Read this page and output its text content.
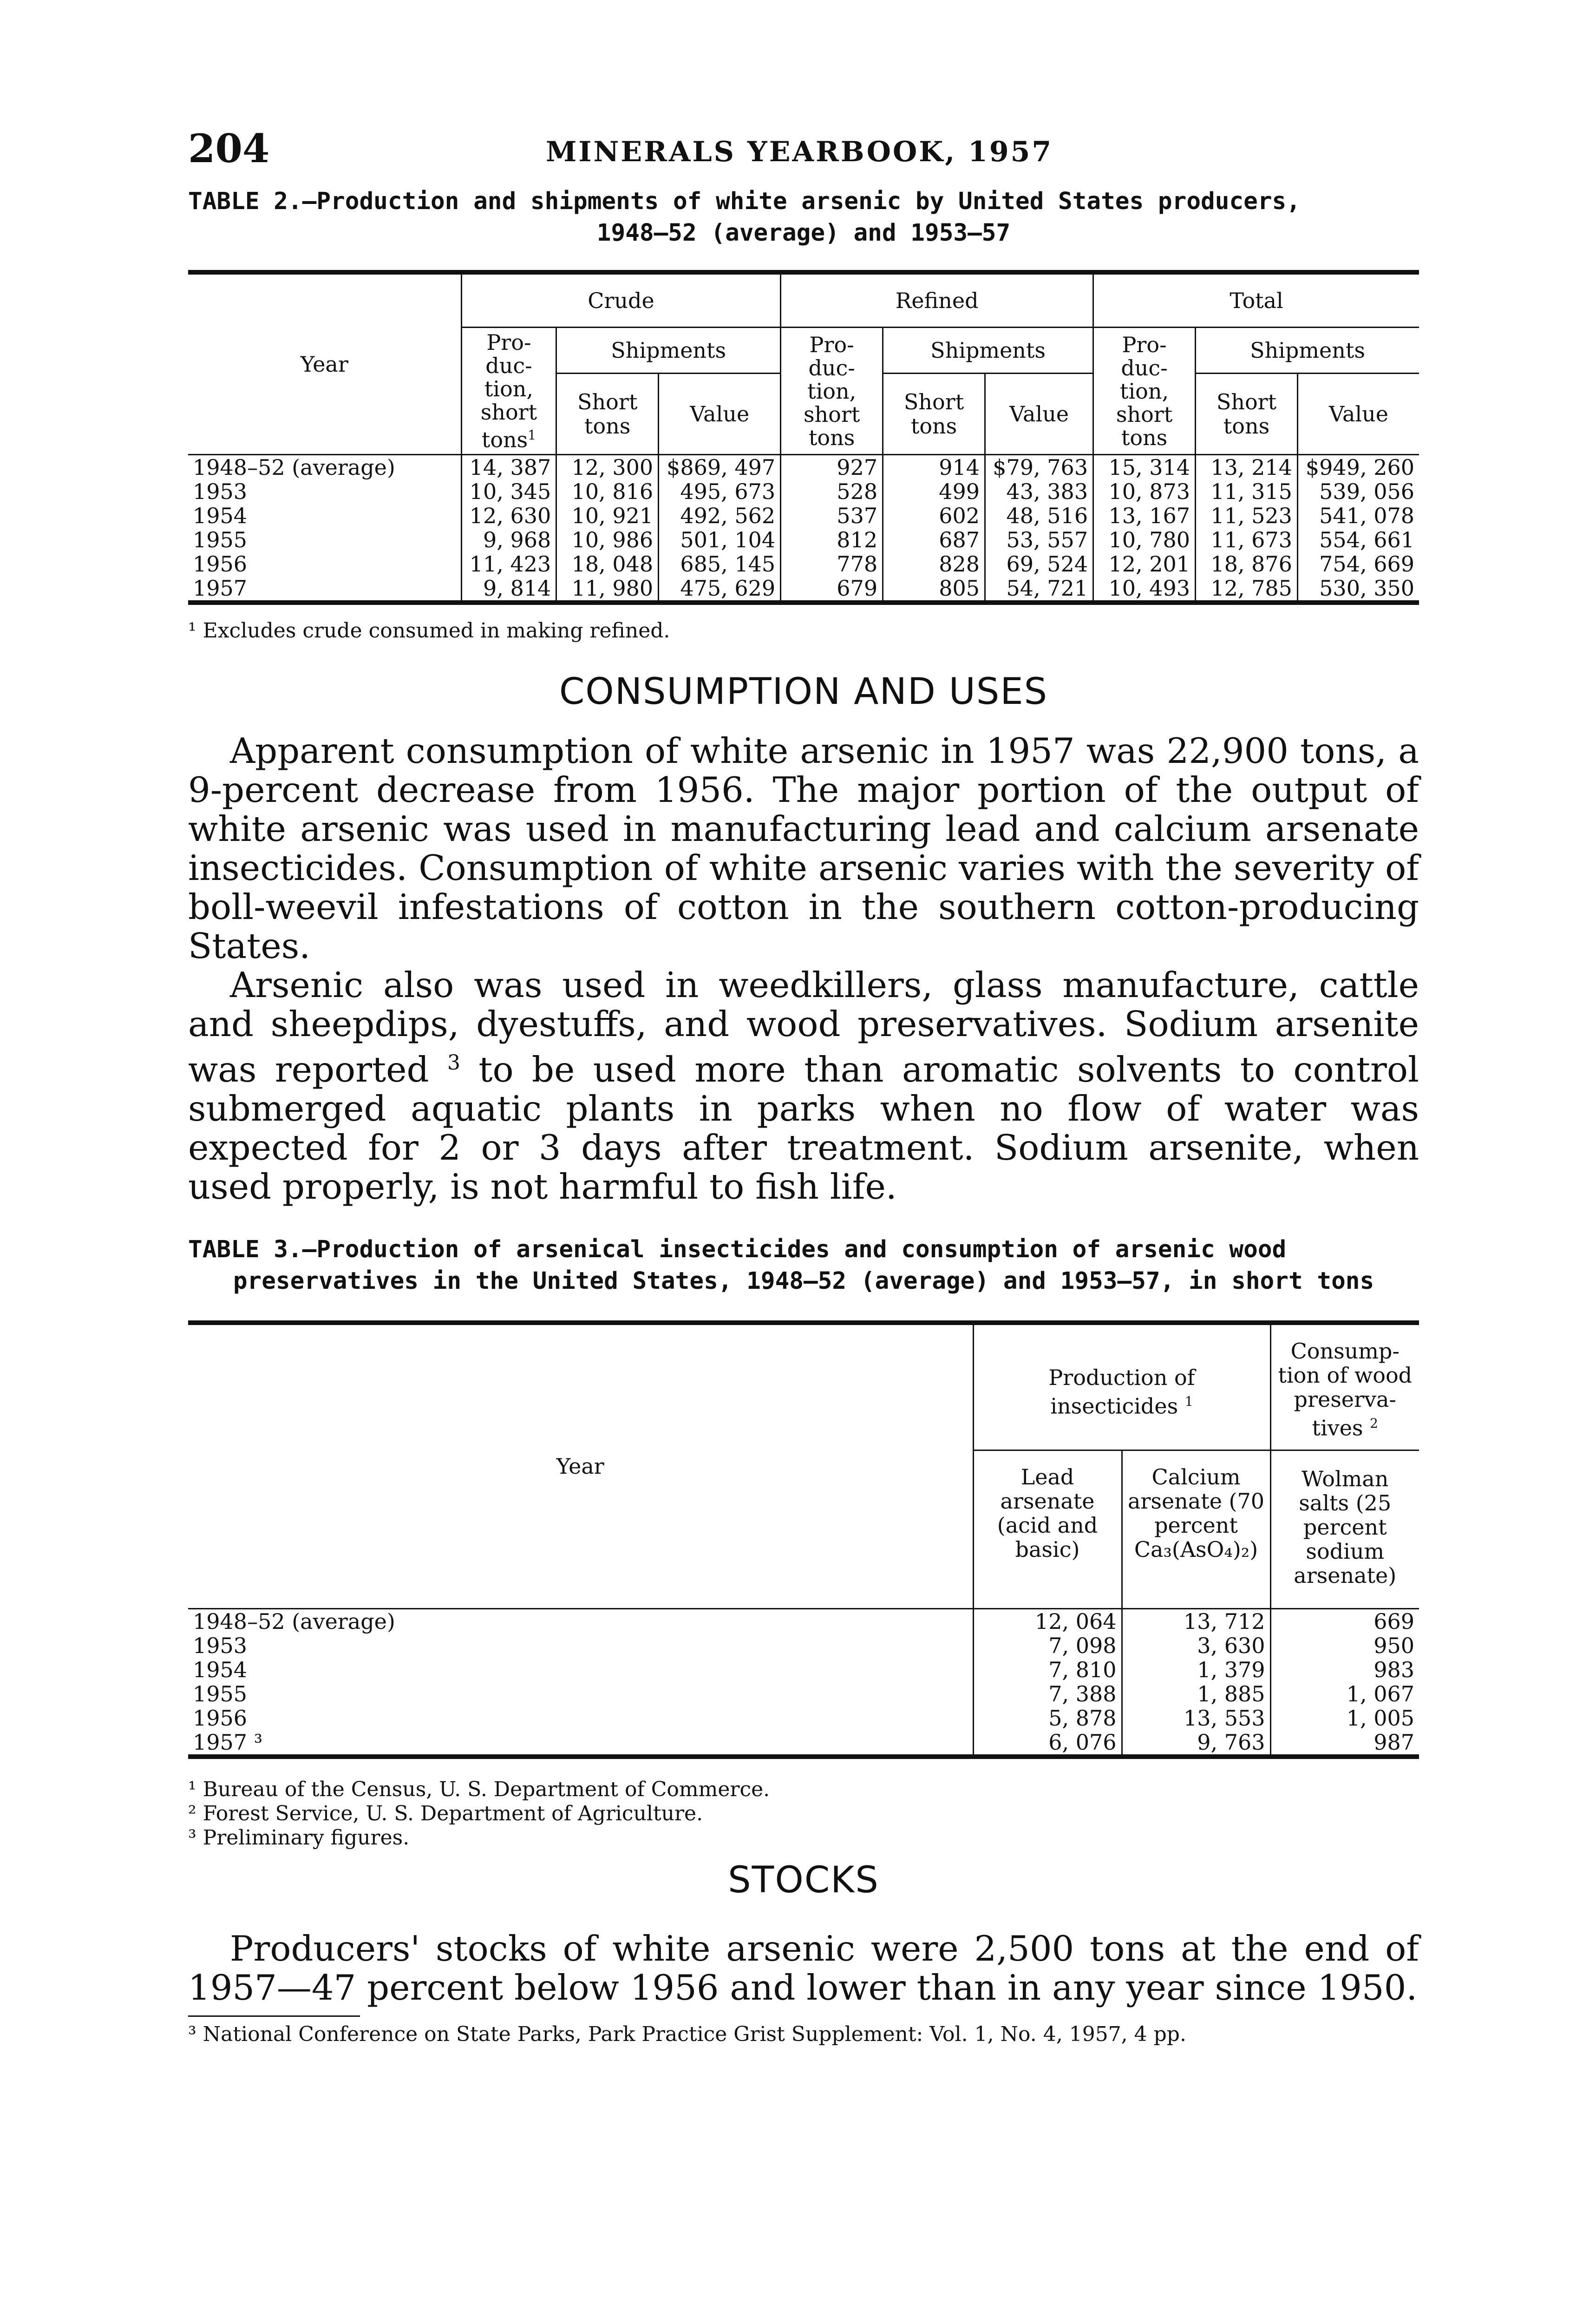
204	MINERALS YEARBOOK, 1957

TABLE 2.—Production and shipments of white arsenic by United States producers,
1948–52 (average) and 1953–57

Year	Crude			Refined			Total		
	Pro- duc- tion, short tons$^1$	Shipments		Pro- duc- tion, short tons	Shipments		Pro- duc- tion, short tons	Shipments	
		Short tons	Value		Short tons	Value		Short tons	Value
1948–52 (average)	14, 387	12, 300	$869, 497	927	914	$79, 763	15, 314	13, 214	$949, 260
1953	10, 345	10, 816	495, 673	528	499	43, 383	10, 873	11, 315	539, 056
1954	12, 630	10, 921	492, 562	537	602	48, 516	13, 167	11, 523	541, 078
1955	9, 968	10, 986	501, 104	812	687	53, 557	10, 780	11, 673	554, 661
1956	11, 423	18, 048	685, 145	778	828	69, 524	12, 201	18, 876	754, 669
1957	9, 814	11, 980	475, 629	679	805	54, 721	10, 493	12, 785	530, 350

¹ Excludes crude consumed in making refined.

CONSUMPTION AND USES

Apparent consumption of white arsenic in 1957 was 22,900 tons, a 9-percent decrease from 1956. The major portion of the output of white arsenic was used in manufacturing lead and calcium arsenate insecticides. Consumption of white arsenic varies with the severity of boll-weevil infestations of cotton in the southern cotton-producing States.

Arsenic also was used in weedkillers, glass manufacture, cattle and sheepdips, dyestuffs, and wood preservatives. Sodium arsenite was reported $^3$ to be used more than aromatic solvents to control submerged aquatic plants in parks when no flow of water was expected for 2 or 3 days after treatment. Sodium arsenite, when used properly, is not harmful to fish life.

TABLE 3.—Production of arsenical insecticides and consumption of arsenic wood
preservatives in the United States, 1948–52 (average) and 1953–57, in short tons

Year	Production of insecticides $^1$		Consump- tion of wood preserva- tives $^2$
	Lead arsenate (acid and basic)	Calcium arsenate (70 percent Ca₃(AsO₄)₂)	Wolman salts (25 percent sodium arsenate)
1948–52 (average)	12, 064	13, 712	669
1953	7, 098	3, 630	950
1954	7, 810	1, 379	983
1955	7, 388	1, 885	1, 067
1956	5, 878	13, 553	1, 005
1957 ³	6, 076	9, 763	987

¹ Bureau of the Census, U. S. Department of Commerce.

² Forest Service, U. S. Department of Agriculture.

³ Preliminary figures.

STOCKS

Producers' stocks of white arsenic were 2,500 tons at the end of 1957—47 percent below 1956 and lower than in any year since 1950.

³ National Conference on State Parks, Park Practice Grist Supplement: Vol. 1, No. 4, 1957, 4 pp.
